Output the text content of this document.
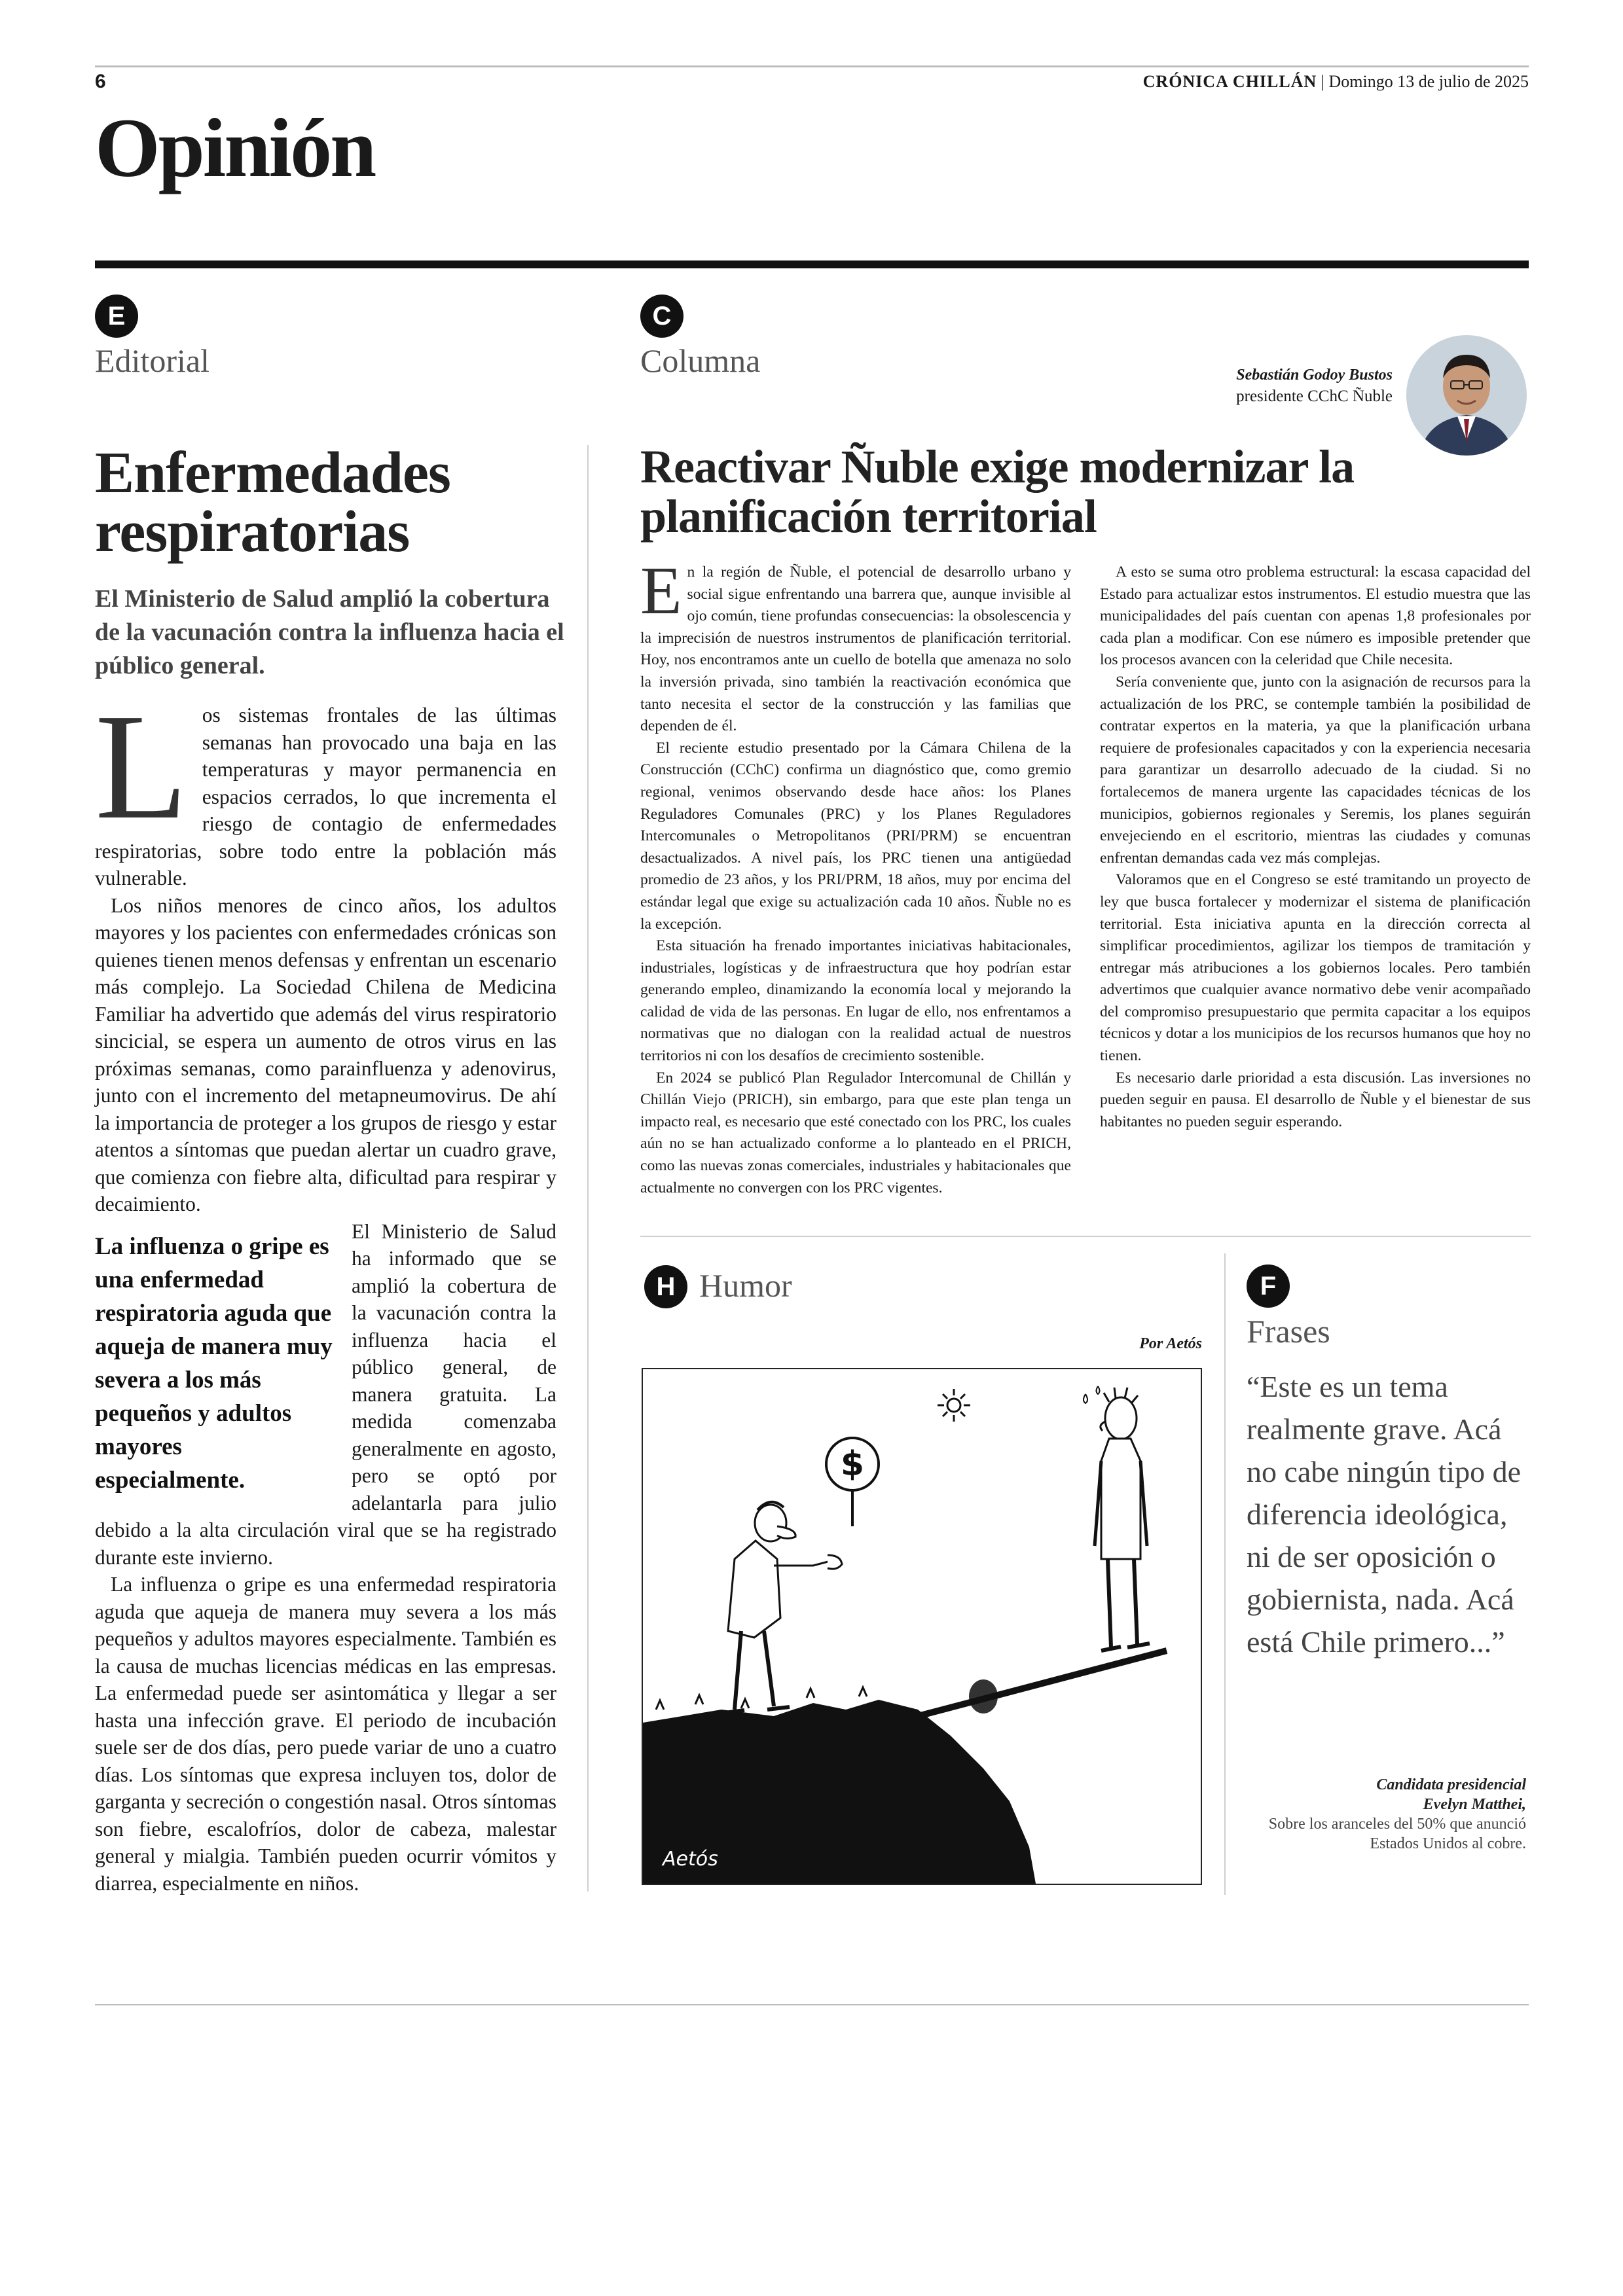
6	CRÓNICA CHILLÁN | Domingo 13 de julio de 2025
Opinión
E
Editorial
Enfermedades respiratorias
El Ministerio de Salud amplió la cobertura de la vacunación contra la influenza hacia el público general.

Los sistemas frontales de las últimas semanas han provocado una baja en las temperaturas y mayor permanencia en espacios cerrados, lo que incrementa el riesgo de contagio de enfermedades respiratorias, sobre todo entre la población más vulnerable.

Los niños menores de cinco años, los adultos mayores y los pacientes con enfermedades crónicas son quienes tienen menos defensas y enfrentan un escenario más complejo. La Sociedad Chilena de Medicina Familiar ha advertido que además del virus respiratorio sincicial, se espera un aumento de otros virus en las próximas semanas, como parainfluenza y adenovirus, junto con el incremento del metapneumovirus. De ahí la importancia de proteger a los grupos de riesgo y estar atentos a síntomas que puedan alertar un cuadro grave, que comienza con fiebre alta, dificultad para respirar y decaimiento.

La influenza o gripe es una enfermedad respiratoria aguda que aqueja de manera muy severa a los más pequeños y adultos mayores especialmente.
El Ministerio de Salud ha informado que se amplió la cobertura de la vacunación contra la influenza hacia el público general, de manera gratuita. La medida comenzaba generalmente en agosto, pero se optó por adelantarla para julio debido a la alta circulación viral que se ha registrado durante este invierno.

La influenza o gripe es una enfermedad respiratoria aguda que aqueja de manera muy severa a los más pequeños y adultos mayores especialmente. También es la causa de muchas licencias médicas en las empresas. La enfermedad puede ser asintomática y llegar a ser hasta una infección grave. El periodo de incubación suele ser de dos días, pero puede variar de uno a cuatro días. Los síntomas que expresa incluyen tos, dolor de garganta y secreción o congestión nasal. Otros síntomas son fiebre, escalofríos, dolor de cabeza, malestar general y mialgia. También pueden ocurrir vómitos y diarrea, especialmente en niños.

C
Columna	Sebastián Godoy Bustos
presidente CChC Ñuble
Reactivar Ñuble exige modernizar la planificación territorial

En la región de Ñuble, el potencial de desarrollo urbano y social sigue enfrentando una barrera que, aunque invisible al ojo común, tiene profundas consecuencias: la obsolescencia y la imprecisión de nuestros instrumentos de planificación territorial. Hoy, nos encontramos ante un cuello de botella que amenaza no solo la inversión privada, sino también la reactivación económica que tanto necesita el sector de la construcción y las familias que dependen de él.

El reciente estudio presentado por la Cámara Chilena de la Construcción (CChC) confirma un diagnóstico que, como gremio regional, venimos observando desde hace años: los Planes Reguladores Comunales (PRC) y los Planes Reguladores Intercomunales o Metropolitanos (PRI/PRM) se encuentran desactualizados. A nivel país, los PRC tienen una antigüedad promedio de 23 años, y los PRI/PRM, 18 años, muy por encima del estándar legal que exige su actualización cada 10 años. Ñuble no es la excepción.

Esta situación ha frenado importantes iniciativas habitacionales, industriales, logísticas y de infraestructura que hoy podrían estar generando empleo, dinamizando la economía local y mejorando la calidad de vida de las personas. En lugar de ello, nos enfrentamos a normativas que no dialogan con la realidad actual de nuestros territorios ni con los desafíos de crecimiento sostenible.

En 2024 se publicó Plan Regulador Intercomunal de Chillán y Chillán Viejo (PRICH), sin embargo, para que este plan tenga un impacto real, es necesario que esté conectado con los PRC, los cuales aún no se han actualizado conforme a lo planteado en el PRICH, como las nuevas zonas comerciales, industriales y habitacionales que actualmente no convergen con los PRC vigentes.

A esto se suma otro problema estructural: la escasa capacidad del Estado para actualizar estos instrumentos. El estudio muestra que las municipalidades del país cuentan con apenas 1,8 profesionales por cada plan a modificar. Con ese número es imposible pretender que los procesos avancen con la celeridad que Chile necesita.

Sería conveniente que, junto con la asignación de recursos para la actualización de los PRC, se contemple también la posibilidad de contratar expertos en la materia, ya que la planificación urbana requiere de profesionales capacitados y con la experiencia necesaria para garantizar un desarrollo adecuado de la ciudad. Si no fortalecemos de manera urgente las capacidades técnicas de los municipios, gobiernos regionales y Seremis, los planes seguirán envejeciendo en el escritorio, mientras las ciudades y comunas enfrentan demandas cada vez más complejas.

Valoramos que en el Congreso se esté tramitando un proyecto de ley que busca fortalecer y modernizar el sistema de planificación territorial. Esta iniciativa apunta en la dirección correcta al simplificar procedimientos, agilizar los tiempos de tramitación y entregar más atribuciones a los gobiernos locales. Pero también advertimos que cualquier avance normativo debe venir acompañado del compromiso presupuestario que permita capacitar a los equipos técnicos y dotar a los municipios de los recursos humanos que hoy no tienen.

Es necesario darle prioridad a esta discusión. Las inversiones no pueden seguir en pausa. El desarrollo de Ñuble y el bienestar de sus habitantes no pueden seguir esperando.

H Humor
Por Aetós
$
Aetós
F
Frases
“Este es un tema realmente grave. Acá no cabe ningún tipo de diferencia ideológica, ni de ser oposición o gobiernista, nada. Acá está Chile primero...”
Candidata presidencial
Evelyn Matthei,
Sobre los aranceles del 50% que anunció Estados Unidos al cobre.
